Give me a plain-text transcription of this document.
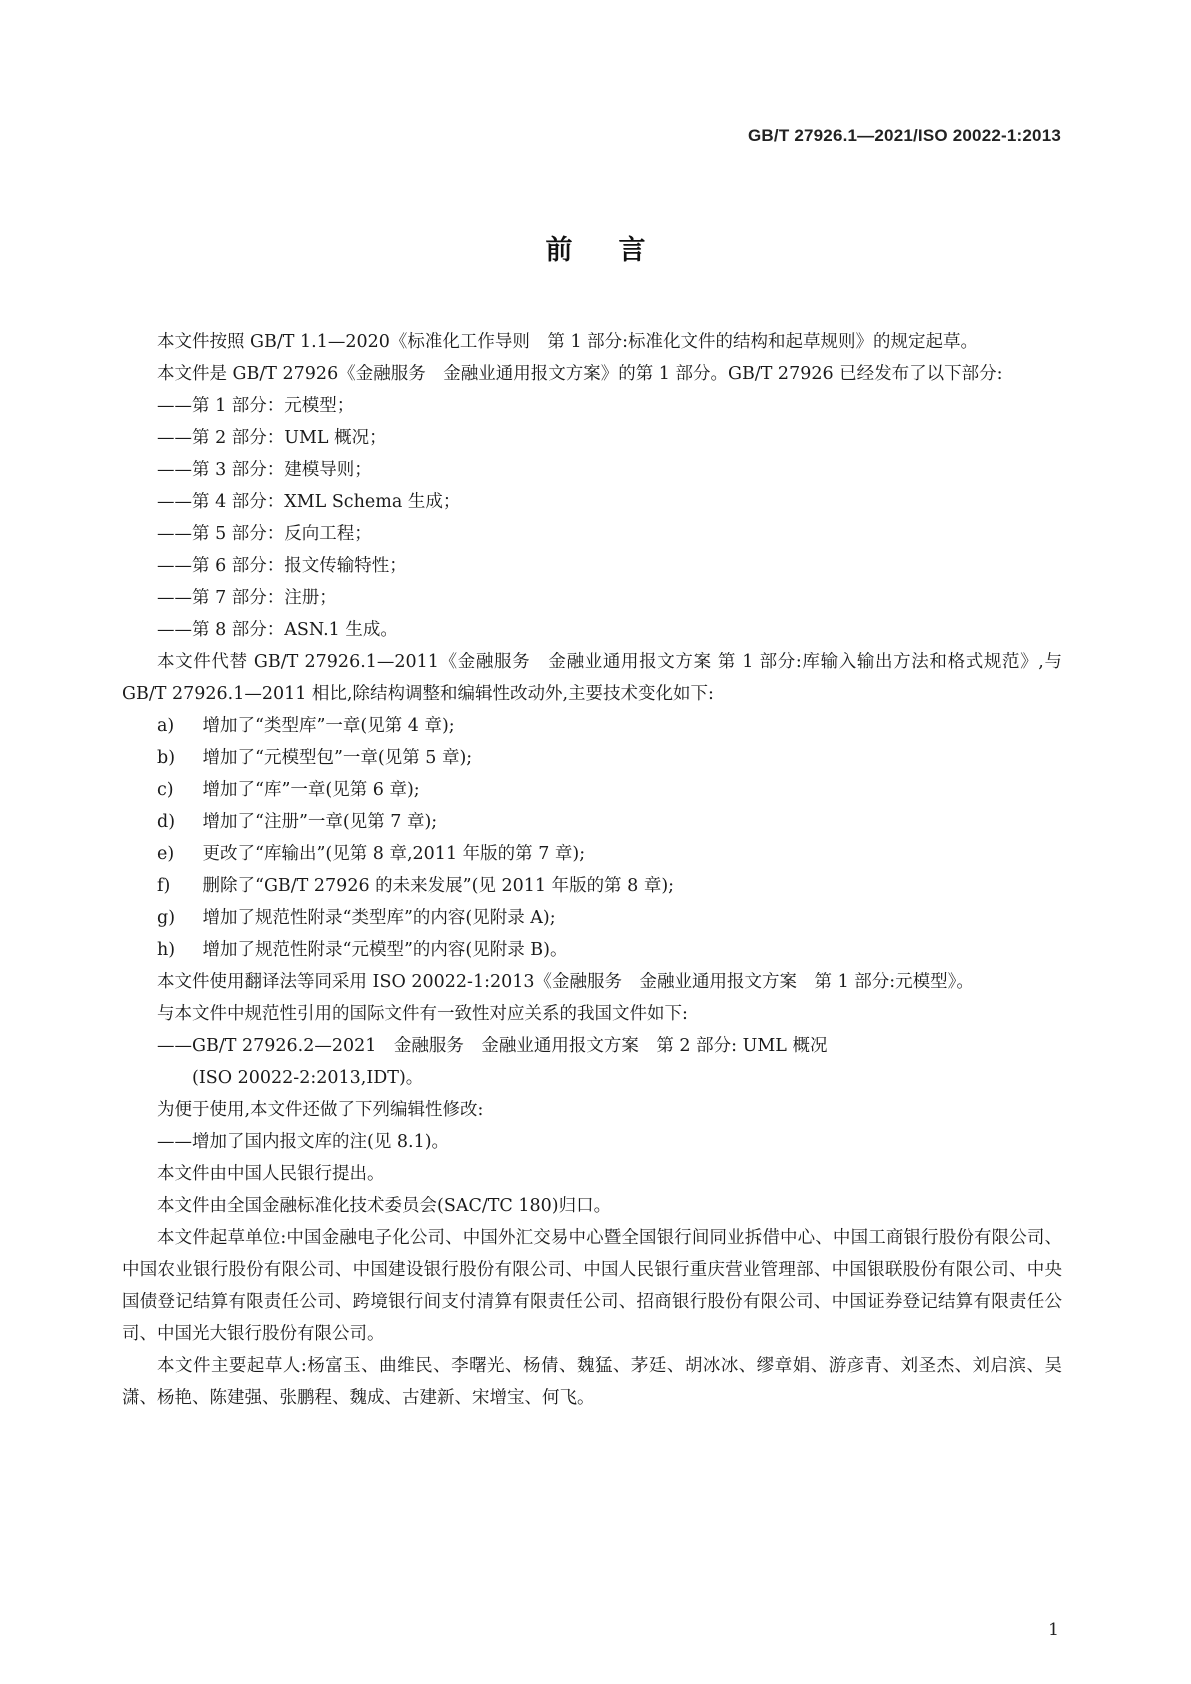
GB/T 27926.1—2021/ISO 20022-1:2013
前言

本文件按照 GB/T 1.1—2020《标准化工作导则　第 1 部分:标准化文件的结构和起草规则》的规定起草。

本文件是 GB/T 27926《金融服务　金融业通用报文方案》的第 1 部分。GB/T 27926 已经发布了以下部分:

——第 1 部分：元模型；

——第 2 部分：UML 概况；

——第 3 部分：建模导则；

——第 4 部分：XML Schema 生成；

——第 5 部分：反向工程；

——第 6 部分：报文传输特性；

——第 7 部分：注册；

——第 8 部分：ASN.1 生成。

本文件代替 GB/T 27926.1—2011《金融服务　金融业通用报文方案 第 1 部分:库输入输出方法和格式规范》,与 GB/T 27926.1—2011 相比,除结构调整和编辑性改动外,主要技术变化如下:

a) 增加了“类型库”一章(见第 4 章);

b) 增加了“元模型包”一章(见第 5 章);

c) 增加了“库”一章(见第 6 章);

d) 增加了“注册”一章(见第 7 章);

e) 更改了“库输出”(见第 8 章,2011 年版的第 7 章);

f) 删除了“GB/T 27926 的未来发展”(见 2011 年版的第 8 章);

g) 增加了规范性附录“类型库”的内容(见附录 A);

h) 增加了规范性附录“元模型”的内容(见附录 B)。

本文件使用翻译法等同采用 ISO 20022-1:2013《金融服务　金融业通用报文方案　第 1 部分:元模型》。

与本文件中规范性引用的国际文件有一致性对应关系的我国文件如下:

——GB/T 27926.2—2021　金融服务　金融业通用报文方案　第 2 部分: UML 概况

(ISO 20022-2:2013,IDT)。

为便于使用,本文件还做了下列编辑性修改:

——增加了国内报文库的注(见 8.1)。

本文件由中国人民银行提出。

本文件由全国金融标准化技术委员会(SAC/TC 180)归口。

本文件起草单位:中国金融电子化公司、中国外汇交易中心暨全国银行间同业拆借中心、中国工商银行股份有限公司、中国农业银行股份有限公司、中国建设银行股份有限公司、中国人民银行重庆营业管理部、中国银联股份有限公司、中央国债登记结算有限责任公司、跨境银行间支付清算有限责任公司、招商银行股份有限公司、中国证券登记结算有限责任公司、中国光大银行股份有限公司。

本文件主要起草人:杨富玉、曲维民、李曙光、杨倩、魏猛、茅廷、胡冰冰、缪章娟、游彦青、刘圣杰、刘启滨、吴潇、杨艳、陈建强、张鹏程、魏成、古建新、宋增宝、何飞。

1
